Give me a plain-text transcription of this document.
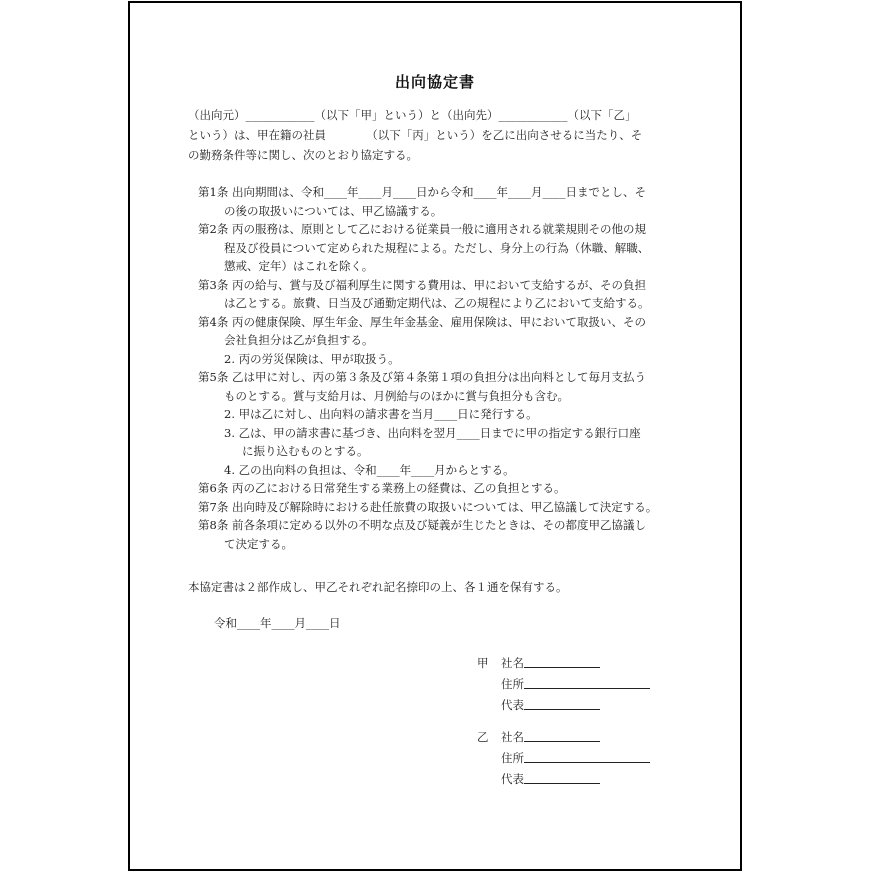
出向協定書
（出向元）____________（以下「甲」という）と（出向先）____________（以下「乙」
という）は、甲在籍の社員　　　　（以下「丙」という）を乙に出向させるに当たり、そ
の勤務条件等に関し、次のとおり協定する。
第1条 出向期間は、令和____年____月____日から令和____年____月____日までとし、そ
の後の取扱いについては、甲乙協議する。
第2条 丙の服務は、原則として乙における従業員一般に適用される就業規則その他の規
程及び役員について定められた規程による。ただし、身分上の行為（休職、解職、
懲戒、定年）はこれを除く。
第3条 丙の給与、賞与及び福利厚生に関する費用は、甲において支給するが、その負担
は乙とする。旅費、日当及び通勤定期代は、乙の規程により乙において支給する。
第4条 丙の健康保険、厚生年金、厚生年金基金、雇用保険は、甲において取扱い、その
会社負担分は乙が負担する。
2. 丙の労災保険は、甲が取扱う。
第5条 乙は甲に対し、丙の第３条及び第４条第１項の負担分は出向料として毎月支払う
ものとする。賞与支給月は、月例給与のほかに賞与負担分も含む。
2. 甲は乙に対し、出向料の請求書を当月____日に発行する。
3. 乙は、甲の請求書に基づき、出向料を翌月____日までに甲の指定する銀行口座
に振り込むものとする。
4. 乙の出向料の負担は、令和____年____月からとする。
第6条 丙の乙における日常発生する業務上の経費は、乙の負担とする。
第7条 出向時及び解除時における赴任旅費の取扱いについては、甲乙協議して決定する。
第8条 前各条項に定める以外の不明な点及び疑義が生じたときは、その都度甲乙協議し
て決定する。
本協定書は２部作成し、甲乙それぞれ記名捺印の上、各１通を保有する。
令和____年____月____日
甲 社名
住所
代表
乙 社名
住所
代表
